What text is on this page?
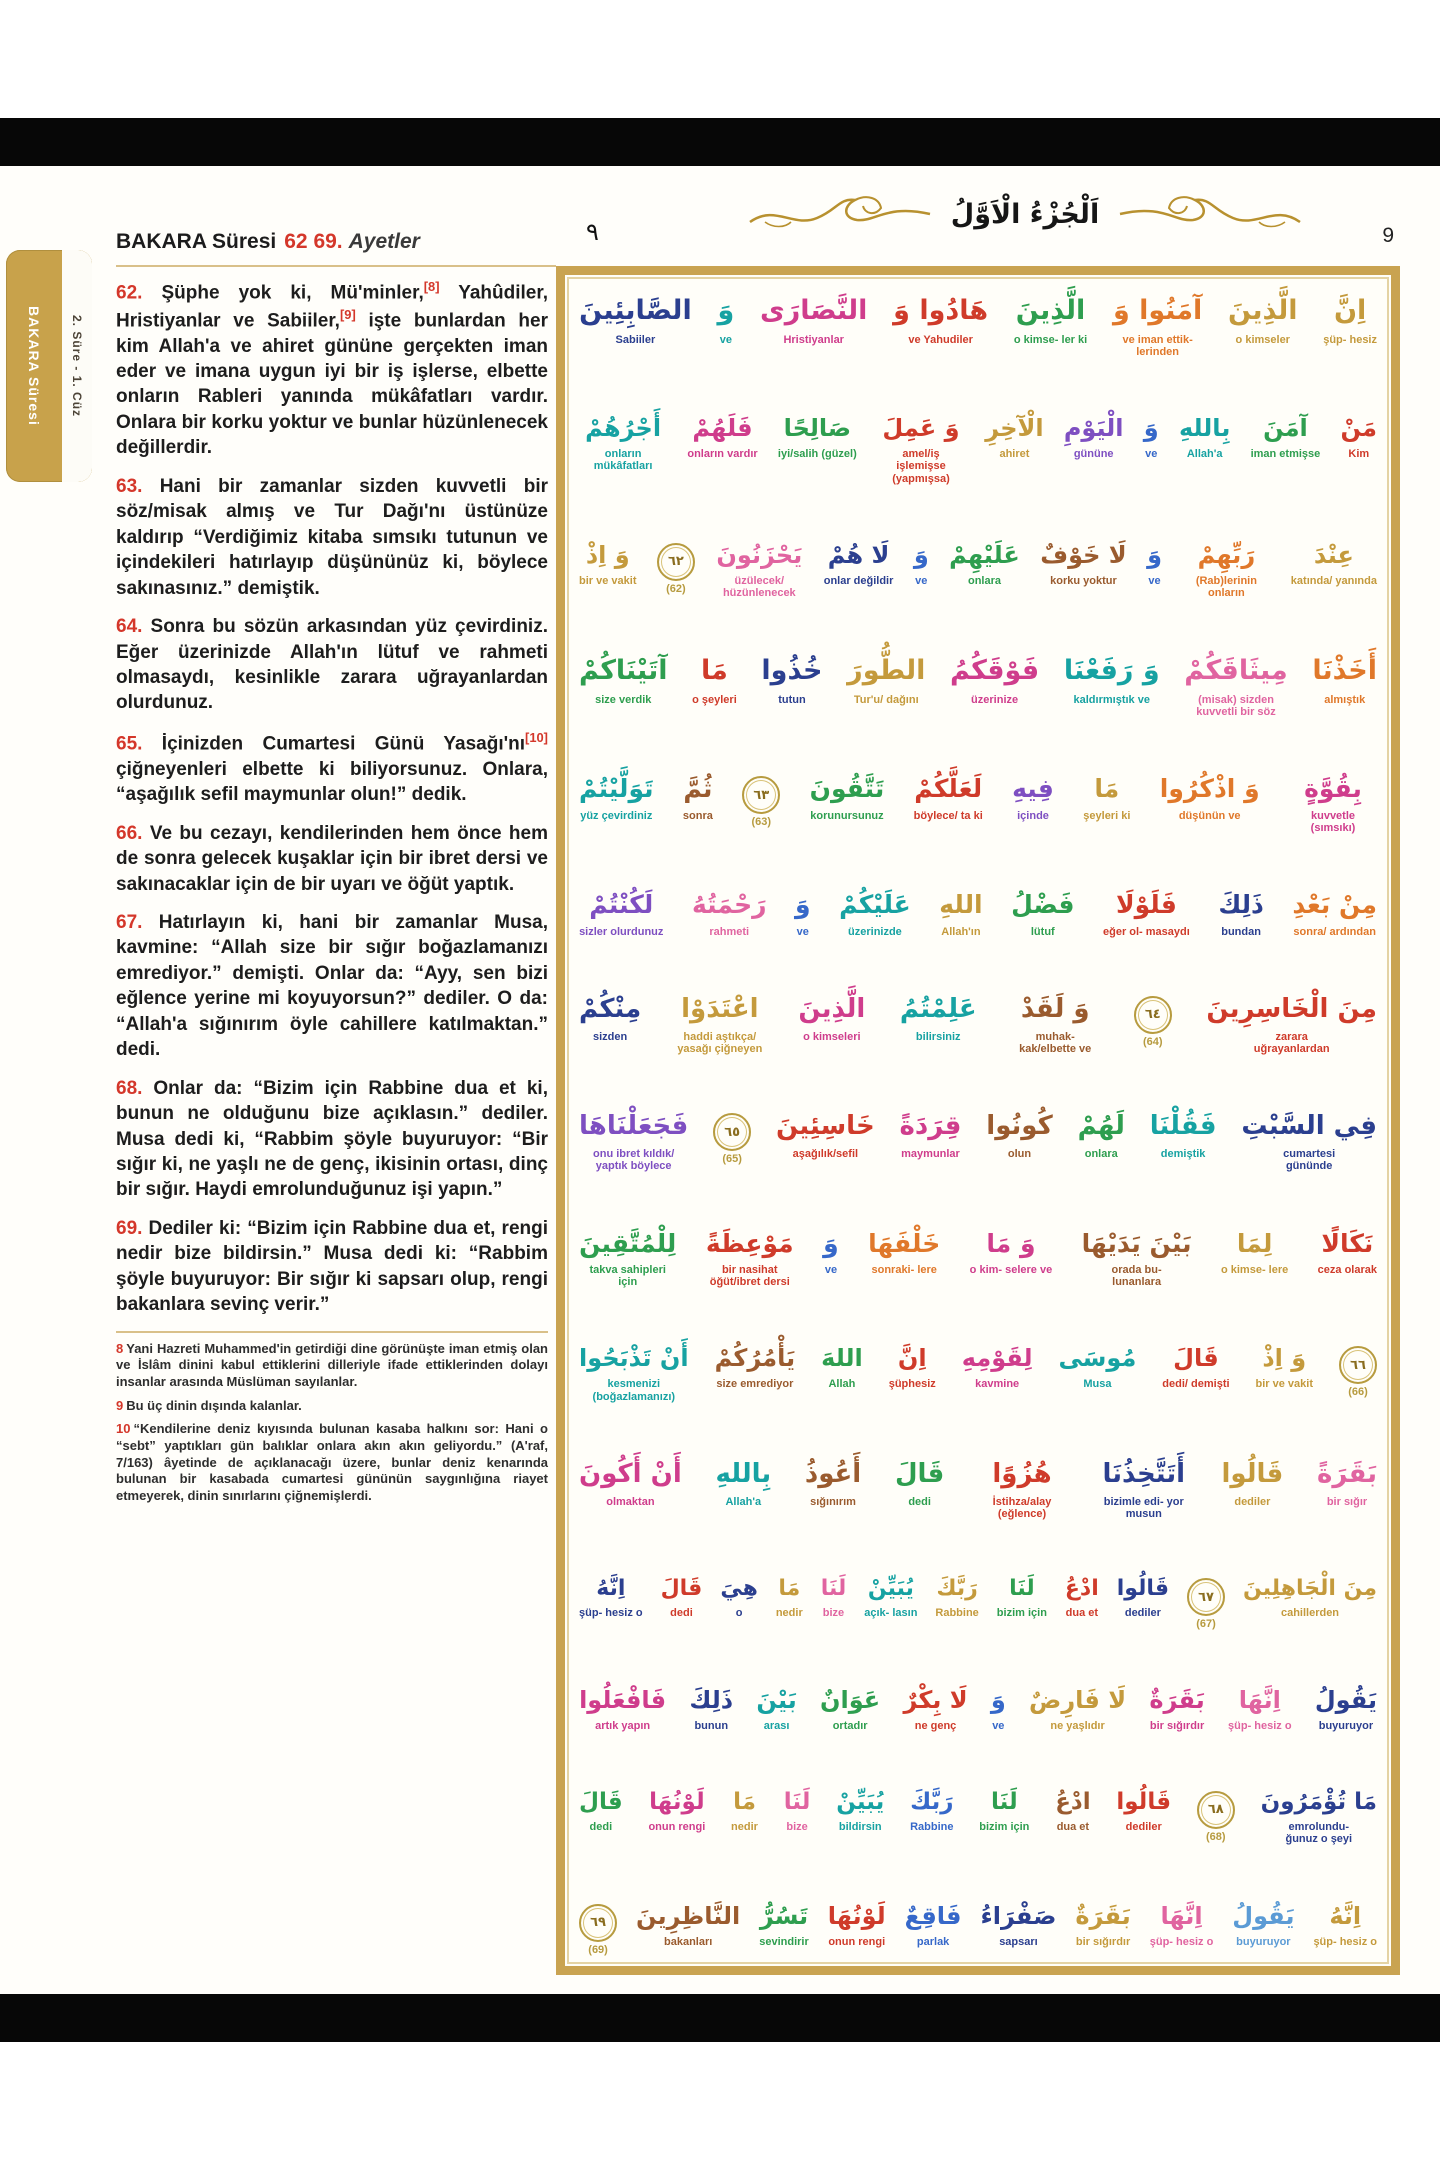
BAKARA Süresi 62 69. Ayetler	٩
اَلْجُزْءُ الْاَوَّلُ
9
BAKARA Süresi 2. Süre - 1. Cüz

62. Şüphe yok ki, Mü'minler,[8] Yahûdiler, Hristiyanlar ve Sabiiler,[9] işte bunlardan her kim Allah'a ve ahiret gününe gerçekten iman eder ve imana uygun iyi bir iş işlerse, elbette onların Rableri yanında mükâfatları vardır. Onlara bir korku yoktur ve bunlar hüzünlenecek değillerdir.

63. Hani bir zamanlar sizden kuvvetli bir söz/misak almış ve Tur Dağı'nı üstünüze kaldırıp “Verdiğimiz kitaba sımsıkı tutunun ve içindekileri hatırlayıp düşününüz ki, böylece sakınasınız.” demiştik.

64. Sonra bu sözün arkasından yüz çevirdiniz. Eğer üzerinizde Allah'ın lütuf ve rahmeti olmasaydı, kesinlikle zarara uğrayanlardan olurdunuz.

65. İçinizden Cumartesi Günü Yasağı'nı[10] çiğneyenleri elbette ki biliyorsunuz. Onlara, “aşağılık sefil maymunlar olun!” dedik.

66. Ve bu cezayı, kendilerinden hem önce hem de sonra gelecek kuşaklar için bir ibret dersi ve sakınacaklar için de bir uyarı ve öğüt yaptık.

67. Hatırlayın ki, hani bir zamanlar Musa, kavmine: “Allah size bir sığır boğazlamanızı emrediyor.” demişti. Onlar da: “Ayy, sen bizi eğlence yerine mi koyuyorsun?” dediler. O da: “Allah'a sığınırım öyle cahillere katılmaktan.” dedi.

68. Onlar da: “Bizim için Rabbine dua et ki, bunun ne olduğunu bize açıklasın.” dediler. Musa dedi ki, “Rabbim şöyle buyuruyor: “Bir sığır ki, ne yaşlı ne de genç, ikisinin ortası, dinç bir sığır. Haydi emrolunduğunuz işi yapın.”

69. Dediler ki: “Bizim için Rabbine dua et, rengi nedir bize bildirsin.” Musa dedi ki: “Rabbim şöyle buyuruyor: Bir sığır ki sapsarı olup, rengi bakanlara sevinç verir.”

8 Yani Hazreti Muhammed'in getirdiği dine görünüşte iman etmiş olan ve İslâm dinini kabul ettiklerini dilleriyle ifade ettiklerinden dolayı insanlar arasında Müslüman sayılanlar.

9 Bu üç dinin dışında kalanlar.

10 “Kendilerine deniz kıyısında bulunan kasaba halkını sor: Hani o “sebt” yaptıkları gün balıklar onlara akın akın geliyordu.” (A'raf, 7/163) âyetinde de açıklanacağı üzere, bunlar deniz kenarında bulunan bir kasabada cumartesi gününün saygınlığına riayet etmeyerek, dinin sınırlarını çiğnemişlerdi.

اِنَّ
şüp- hesiz
الَّذِينَ
o kimseler
آمَنُوا وَ
ve iman ettik- lerinden
الَّذِينَ
o kimse- ler ki
هَادُوا وَ
ve Yahudiler
النَّصَارَى
Hristiyanlar
وَ
ve
الصَّابِئِينَ
Sabiiler
مَنْ
Kim
آمَنَ
iman etmişse
بِاللهِ
Allah'a
وَ
ve
الْيَوْمِ
gününe
الْآخِرِ
ahiret
وَ عَمِلَ
amel/iş işlemişse (yapmışsa)
صَالِحًا
iyi/salih (güzel)
فَلَهُمْ
onların vardır
أَجْرُهُمْ
onların mükâfatları
عِنْدَ
katında/ yanında
رَبِّهِمْ
(Rab)lerinin onların
وَ
ve
لَا خَوْفٌ
korku yoktur
عَلَيْهِمْ
onlara
وَ
ve
لَا هُمْ
onlar değildir
يَحْزَنُونَ
üzülecek/ hüzünlenecek
٦٢
(62)
وَ اِذْ
bir ve vakit
أَخَذْنَا
almıştık
مِيثَاقَكُمْ
(misak) sizden kuvvetli bir söz
وَ رَفَعْنَا
kaldırmıştık ve
فَوْقَكُمُ
üzerinize
الطُّورَ
Tur'u/ dağını
خُذُوا
tutun
مَا
o şeyleri
آتَيْنَاكُمْ
size verdik
بِقُوَّةٍ
kuvvetle (sımsıkı)
وَ اذْكُرُوا
düşünün ve
مَا
şeyleri ki
فِيهِ
içinde
لَعَلَّكُمْ
böylece/ ta ki
تَتَّقُونَ
korunursunuz
٦٣
(63)
ثُمَّ
sonra
تَوَلَّيْتُمْ
yüz çevirdiniz
مِنْ بَعْدِ
sonra/ ardından
ذَلِكَ
bundan
فَلَوْلَا
eğer ol- masaydı
فَضْلُ
lütuf
اللهِ
Allah'ın
عَلَيْكُمْ
üzerinizde
وَ
ve
رَحْمَتُهُ
rahmeti
لَكُنْتُمْ
sizler olurdunuz
مِنَ الْخَاسِرِينَ
zarara uğrayanlardan
٦٤
(64)
وَ لَقَدْ
muhak- kak/elbette ve
عَلِمْتُمُ
bilirsiniz
الَّذِينَ
o kimseleri
اعْتَدَوْا
haddi aştıkça/ yasağı çiğneyen
مِنْكُمْ
sizden
فِي السَّبْتِ
cumartesi gününde
فَقُلْنَا
demiştik
لَهُمْ
onlara
كُونُوا
olun
قِرَدَةً
maymunlar
خَاسِئِينَ
aşağılık/sefil
٦٥
(65)
فَجَعَلْنَاهَا
onu ibret kıldık/ yaptık böylece
نَكَالًا
ceza olarak
لِمَا
o kimse- lere
بَيْنَ يَدَيْهَا
orada bu- lunanlara
وَ مَا
o kim- selere ve
خَلْفَهَا
sonraki- lere
وَ
ve
مَوْعِظَةً
bir nasihat öğüt/ibret dersi
لِلْمُتَّقِينَ
takva sahipleri için
٦٦
(66)
وَ اِذْ
bir ve vakit
قَالَ
dedi/ demişti
مُوسَى
Musa
لِقَوْمِهِ
kavmine
اِنَّ
şüphesiz
اللهَ
Allah
يَأْمُرُكُمْ
size emrediyor
أَنْ تَذْبَحُوا
kesmenizi (boğazlamanızı)
بَقَرَةً
bir sığır
قَالُوا
dediler
أَتَتَّخِذُنَا
bizimle edi- yor musun
هُزُوًا
İstihza/alay (eğlence)
قَالَ
dedi
أَعُوذُ
sığınırım
بِاللهِ
Allah'a
أَنْ أَكُونَ
olmaktan
مِنَ الْجَاهِلِينَ
cahillerden
٦٧
(67)
قَالُوا
dediler
ادْعُ
dua et
لَنَا
bizim için
رَبَّكَ
Rabbine
يُبَيِّنْ
açık- lasın
لَنَا
bize
مَا
nedir
هِيَ
o
قَالَ
dedi
اِنَّهُ
şüp- hesiz o
يَقُولُ
buyuruyor
اِنَّهَا
şüp- hesiz o
بَقَرَةٌ
bir sığırdır
لَا فَارِضٌ
ne yaşlıdır
وَ
ve
لَا بِكْرٌ
ne genç
عَوَانٌ
ortadır
بَيْنَ
arası
ذَلِكَ
bunun
فَافْعَلُوا
artık yapın
مَا تُؤْمَرُونَ
emrolundu- ğunuz o şeyi
٦٨
(68)
قَالُوا
dediler
ادْعُ
dua et
لَنَا
bizim için
رَبَّكَ
Rabbine
يُبَيِّنْ
bildirsin
لَنَا
bize
مَا
nedir
لَوْنُهَا
onun rengi
قَالَ
dedi
اِنَّهُ
şüp- hesiz o
يَقُولُ
buyuruyor
اِنَّهَا
şüp- hesiz o
بَقَرَةٌ
bir sığırdır
صَفْرَاءُ
sapsarı
فَاقِعٌ
parlak
لَوْنُهَا
onun rengi
تَسُرُّ
sevindirir
النَّاظِرِينَ
bakanları
٦٩
(69)
